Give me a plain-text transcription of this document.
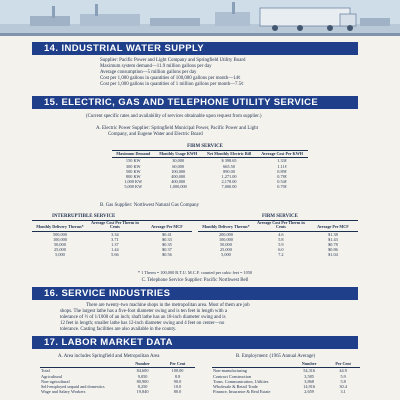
14. INDUSTRIAL WATER SUPPLY
Supplier: Pacific Power and Light Company and Springfield Utility Board
Maximum system demand—11.9 million gallons per day
Average consumption—5 million gallons per day
Cost per 1,000 gallons in quantities of 100,000 gallons per month—14¢
Cost per 1,000 gallons in quantities of 1 million gallons per month—7.5¢
15. ELECTRIC, GAS AND TELEPHONE UTILITY SERVICE
(Current specific rates and availability of services obtainable upon request from supplier.)
A. Electric Power Supplier: Springfield Municipal Power, Pacific Power and Light
Company, and Eugene Water and Electric Board
FIRM SERVICE
Maximum Demand	Monthly Usage KWH	Net Monthly Electric Bill	Average Cost Per KWH
150 KW	30,000	$ 398.65	1.33¢
300 KW	60,000	665.50	1.11¢
500 KW	100,000	890.00	0.89¢
800 KW	400,000	1,271.00	0.78¢
1,000 KW	400,000	2,178.00	0.54¢
5,000 KW	1,000,000	7,000.00	0.70¢
B. Gas Supplier: Northwest Natural Gas Company
INTERRUPTIBLE SERVICE	FIRM SERVICE
Monthly Delivery Therms*	Average Cost Per Therm in Cents	Average Per MCF
500,000	3.34	$0.41
100,000	3.71	$0.33
50,000	1.37	$0.35
25,000	1.44	$0.37
5,000	5.66	$0.56
Monthly Delivery Therms*	Average Cost Per Therm in Cents	Average Per MCF
200,000	4.6	$1.38
100,000	5.8	$1.43
50,000	5.9	$0.78
25,000	6.0	$0.86
5,000	7.2	$1.04
* 1 Therm = 100,000 B.T.U. M.C.F. counted per cubic feet = 1050
C. Telephone Service Supplier: Pacific Northwest Bell
16. SERVICE INDUSTRIES
There are twenty-two machine shops in the metropolitan area. Most of them are job
shops. The largest lathe has a five-foot diameter swing and is ten feet in length with a
tolerance of ½ of 1/1000 of an inch; shaft lathe has an 18-inch diameter swing and is
12 feet in length; smaller lathe has 12-inch diameter swing and 4 feet on center—no
tolerance. Casting facilities are also available in the county.
17. LABOR MARKET DATA
A. Area includes Springfield and Metropolitan Area	B. Employment: (1965 Annual Average)
	Number	Per Cent
Total	84,600	100.00
Agricultural	9,050	8.8
Non-agricultural	80,900	90.0
Self-employed unpaid and domestics	8,250	10.0
Wage and Salary Workers	19,840	80.0
	Number	Per Cent
Non-manufacturing	54,316	44.9
Contract Construction	3,585	5.9
Trans. Communication, Utilities	3,868	5.8
Wholesale & Retail Trade	14,916	30.4
Finance, Insurance & Real Estate	2,659	3.1
